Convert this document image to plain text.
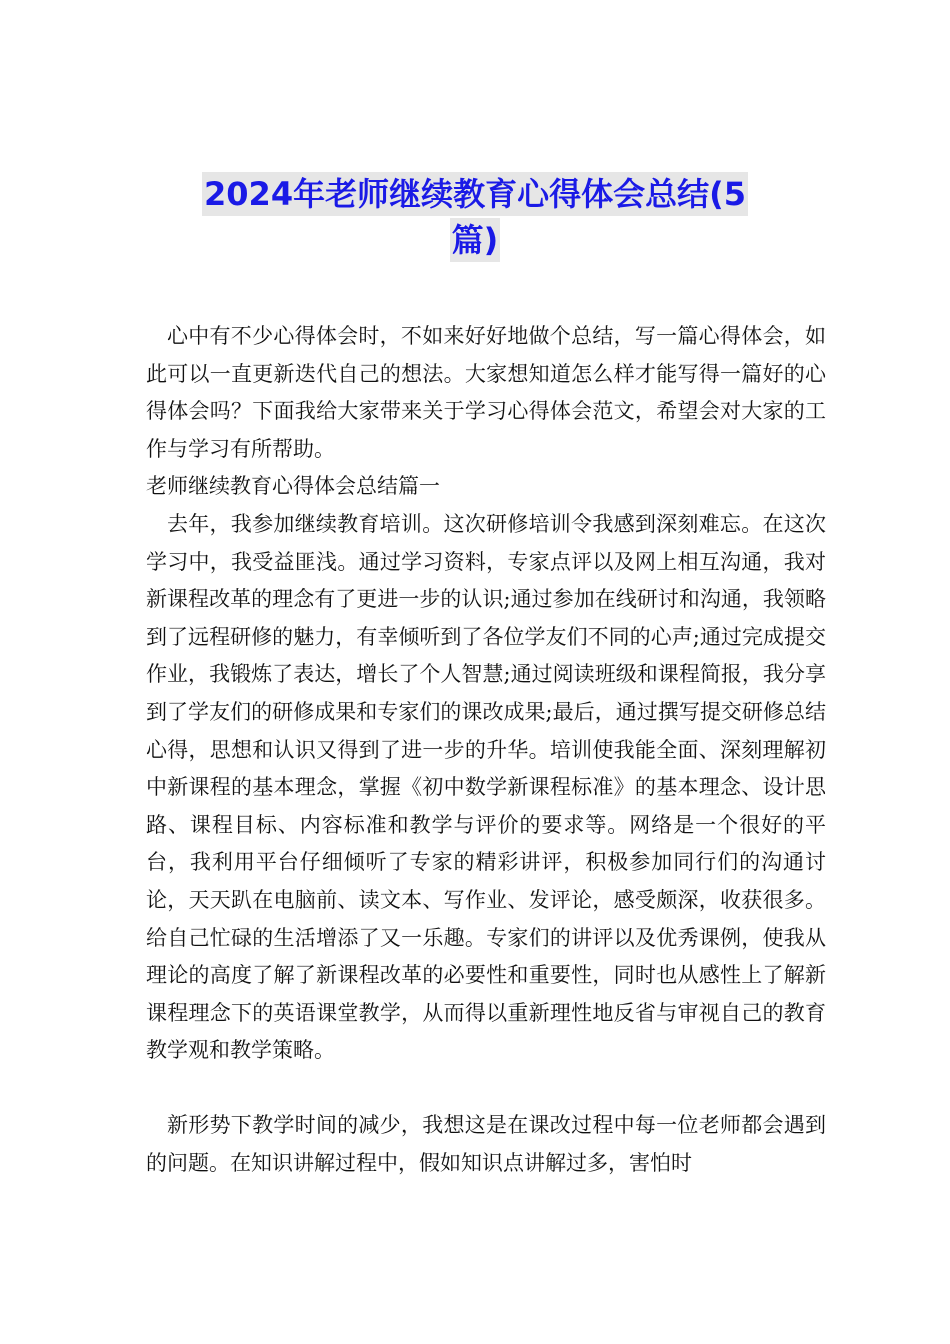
2024年老师继续教育心得体会总结(5
篇)

心中有不少心得体会时，不如来好好地做个总结，写一篇心得体会，如此可以一直更新迭代自己的想法。大家想知道怎么样才能写得一篇好的心得体会吗？下面我给大家带来关于学习心得体会范文，希望会对大家的工作与学习有所帮助。

老师继续教育心得体会总结篇一

去年，我参加继续教育培训。这次研修培训令我感到深刻难忘。在这次学习中，我受益匪浅。通过学习资料，专家点评以及网上相互沟通，我对新课程改革的理念有了更进一步的认识;通过参加在线研讨和沟通，我领略到了远程研修的魅力，有幸倾听到了各位学友们不同的心声;通过完成提交作业，我锻炼了表达，增长了个人智慧;通过阅读班级和课程简报，我分享到了学友们的研修成果和专家们的课改成果;最后，通过撰写提交研修总结心得，思想和认识又得到了进一步的升华。培训使我能全面、深刻理解初中新课程的基本理念，掌握《初中数学新课程标准》的基本理念、设计思路、课程目标、内容标准和教学与评价的要求等。网络是一个很好的平台，我利用平台仔细倾听了专家的精彩讲评，积极参加同行们的沟通讨论，天天趴在电脑前、读文本、写作业、发评论，感受颇深，收获很多。给自己忙碌的生活增添了又一乐趣。专家们的讲评以及优秀课例，使我从理论的高度了解了新课程改革的必要性和重要性，同时也从感性上了解新课程理念下的英语课堂教学，从而得以重新理性地反省与审视自己的教育教学观和教学策略。

新形势下教学时间的减少，我想这是在课改过程中每一位老师都会遇到的问题。在知识讲解过程中，假如知识点讲解过多，害怕时
